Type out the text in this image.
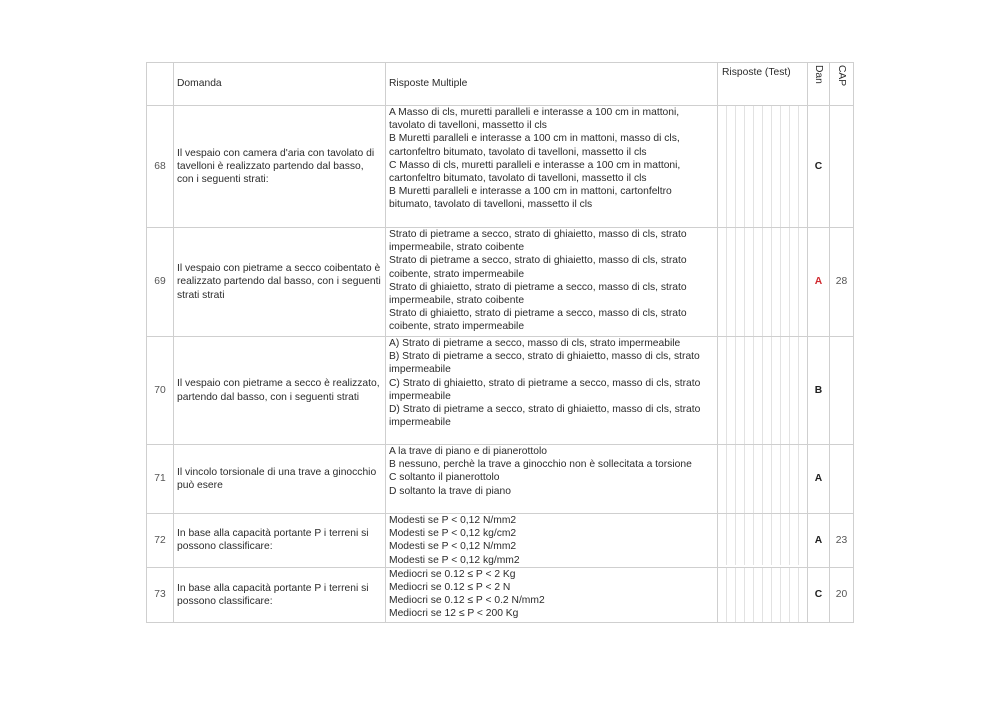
	Domanda	Risposte Multiple	Risposte (Test)	Dan	CAP

68	Il vespaio con camera d'aria con tavolato di tavelloni è realizzato partendo dal basso, con i seguenti strati:	A Masso di cls, muretti paralleli e interasse a 100 cm in mattoni, tavolato di tavelloni, massetto il cls
B Muretti paralleli e interasse a 100 cm in mattoni, masso di cls, cartonfeltro bitumato, tavolato di tavelloni, massetto il cls
C Masso di cls, muretti paralleli e interasse a 100 cm in mattoni, cartonfeltro bitumato, tavolato di tavelloni, massetto il cls
B Muretti paralleli e interasse a 100 cm in mattoni, cartonfeltro bitumato, tavolato di tavelloni, massetto il cls		C	
69	Il vespaio con pietrame a secco coibentato è realizzato partendo dal basso, con i seguenti strati strati	Strato di pietrame a secco, strato di ghiaietto, masso di cls, strato impermeabile, strato coibente
Strato di pietrame a secco, strato di ghiaietto, masso di cls, strato coibente, strato impermeabile
Strato di ghiaietto, strato di pietrame a secco, masso di cls, strato impermeabile, strato coibente
Strato di ghiaietto, strato di pietrame a secco, masso di cls, strato coibente, strato impermeabile		A	28
70	Il vespaio con pietrame a secco è realizzato, partendo dal basso, con i seguenti strati	A) Strato di pietrame a secco, masso di cls, strato impermeabile
B) Strato di pietrame a secco, strato di ghiaietto, masso di cls, strato impermeabile
C) Strato di ghiaietto, strato di pietrame a secco, masso di cls, strato impermeabile
D) Strato di pietrame a secco, strato di ghiaietto, masso di cls, strato impermeabile		B	
71	Il vincolo torsionale di una trave a ginocchio può esere	A la trave di piano e di pianerottolo
B nessuno, perchè la trave a ginocchio non è sollecitata a torsione
C soltanto il pianerottolo
D soltanto la trave di piano		A	
72	In base alla capacità portante P i terreni si possono classificare:	Modesti se P < 0,12 N/mm2
Modesti se P < 0,12 kg/cm2
Modesti se P < 0,12 N/mm2
Modesti se P < 0,12 kg/mm2		A	23
73	In base alla capacità portante P i terreni si possono classificare:	Mediocri se 0.12 ≤ P < 2 Kg
Mediocri se 0.12 ≤ P < 2 N
Mediocri se 0.12 ≤ P < 0.2 N/mm2
Mediocri se 12 ≤ P < 200 Kg		C	20
